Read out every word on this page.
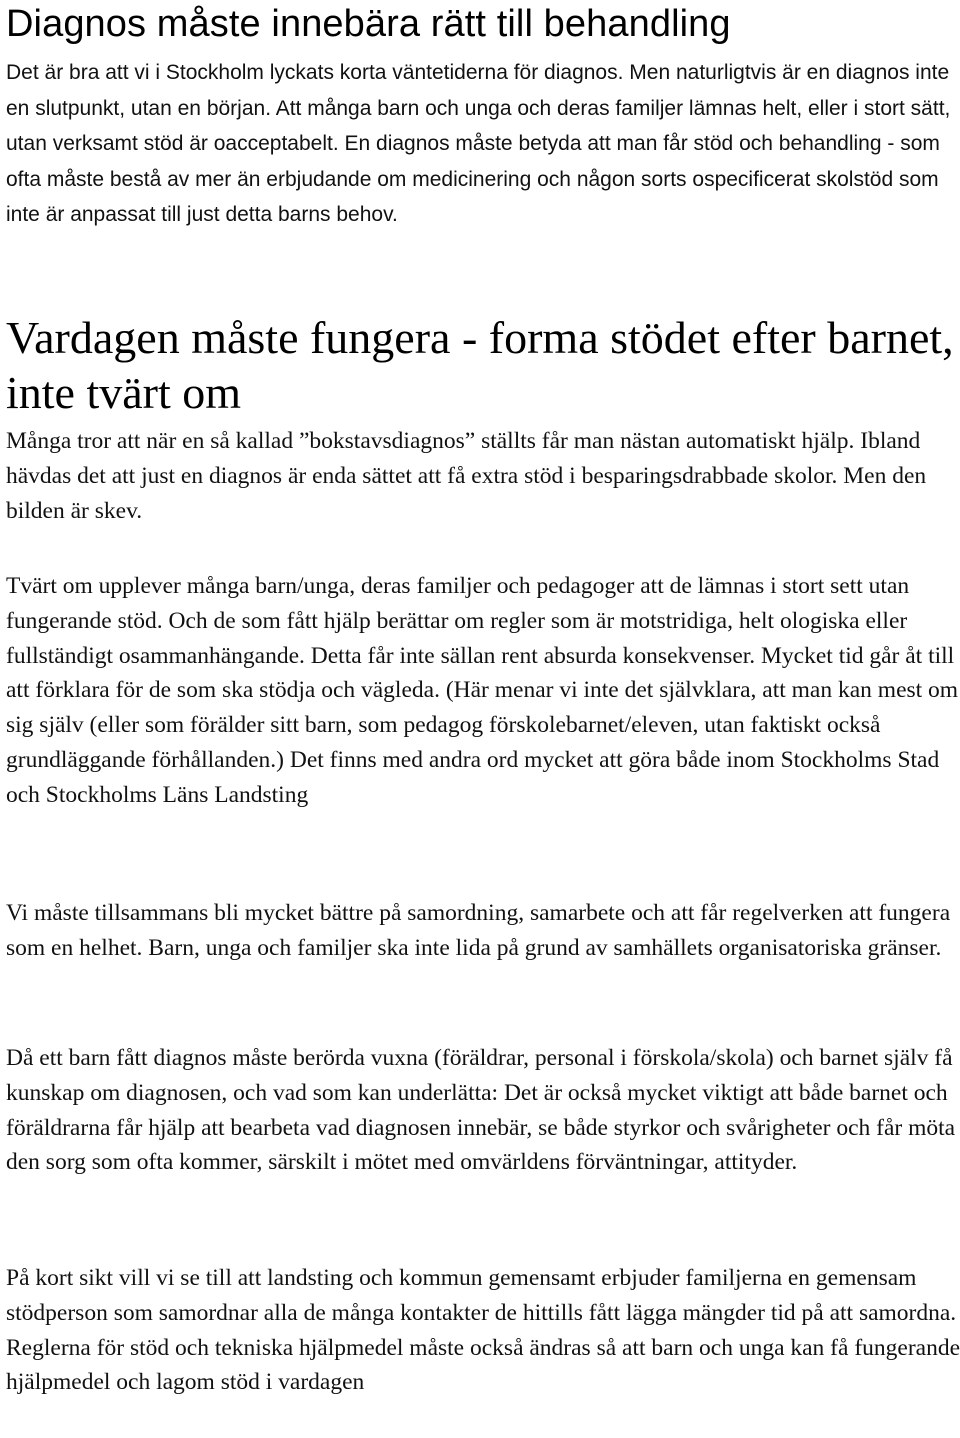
Diagnos måste innebära rätt till behandling

Det är bra att vi i Stockholm lyckats korta väntetiderna för diagnos. Men naturligtvis är en diagnos inte en slutpunkt, utan en början. Att många barn och unga och deras familjer lämnas helt, eller i stort sätt, utan verksamt stöd är oacceptabelt. En diagnos måste betyda att man får stöd och behandling - som ofta måste bestå av mer än erbjudande om medicinering och någon sorts ospecificerat skolstöd som inte är anpassat till just detta barns behov.

Vardagen måste fungera - forma stödet efter barnet, inte tvärt om

Många tror att när en så kallad ”bokstavsdiagnos” ställts får man nästan automatiskt hjälp. Ibland hävdas det att just en diagnos är enda sättet att få extra stöd i besparingsdrabbade skolor. Men den bilden är skev.

Tvärt om upplever många barn/unga, deras familjer och pedagoger att de lämnas i stort sett utan fungerande stöd. Och de som fått hjälp berättar om regler som är motstridiga, helt ologiska eller fullständigt osammanhängande. Detta får inte sällan rent absurda konsekvenser. Mycket tid går åt till att förklara för de som ska stödja och vägleda. (Här menar vi inte det självklara, att man kan mest om sig själv (eller som förälder sitt barn, som pedagog förskolebarnet/eleven, utan faktiskt också grundläggande förhållanden.) Det finns med andra ord mycket att göra både inom Stockholms Stad och Stockholms Läns Landsting

Vi måste tillsammans bli mycket bättre på samordning, samarbete och att får regelverken att fungera som en helhet. Barn, unga och familjer ska inte lida på grund av samhällets organisatoriska gränser.

Då ett barn fått diagnos måste berörda vuxna (föräldrar, personal i förskola/skola) och barnet själv få kunskap om diagnosen, och vad som kan underlätta: Det är också mycket viktigt att både barnet och föräldrarna får hjälp att bearbeta vad diagnosen innebär, se både styrkor och svårigheter och får möta den sorg som ofta kommer, särskilt i mötet med omvärldens förväntningar, attityder.

På kort sikt vill vi se till att landsting och kommun gemensamt erbjuder familjerna en gemensam stödperson som samordnar alla de många kontakter de hittills fått lägga mängder tid på att samordna. Reglerna för stöd och tekniska hjälpmedel måste också ändras så att barn och unga kan få fungerande hjälpmedel och lagom stöd i vardagen
